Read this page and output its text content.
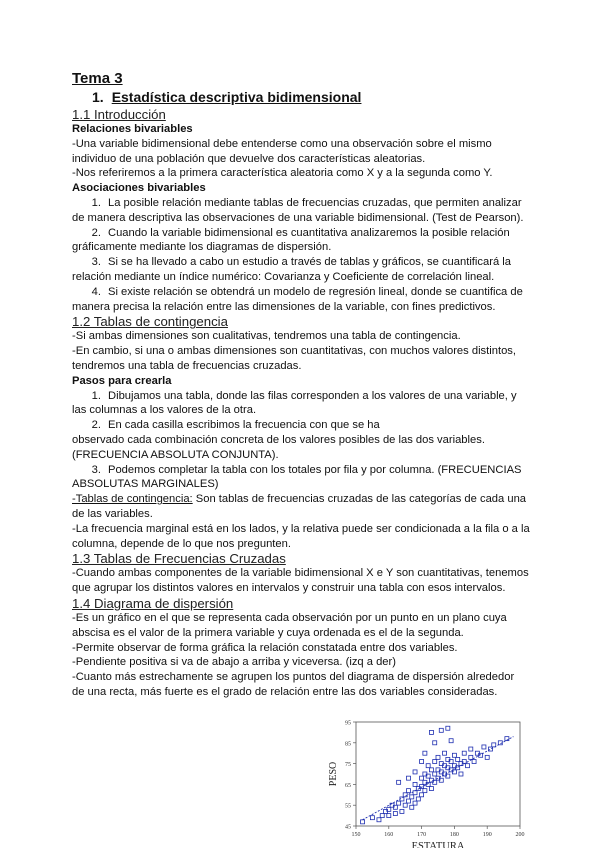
Tema 3
1. Estadística descriptiva bidimensional
1.1 Introducción
Relaciones bivariables
-Una variable bidimensional debe entenderse como una observación sobre el mismo
individuo de una población que devuelve dos características aleatorias.
-Nos referiremos a la primera característica aleatoria como X y a la segunda como Y.
Asociaciones bivariables
1. La posible relación mediante tablas de frecuencias cruzadas, que permiten analizar
de manera descriptiva las observaciones de una variable bidimensional. (Test de Pearson).
2. Cuando la variable bidimensional es cuantitativa analizaremos la posible relación
gráficamente mediante los diagramas de dispersión.
3. Si se ha llevado a cabo un estudio a través de tablas y gráficos, se cuantificará la
relación mediante un índice numérico: Covarianza y Coeficiente de correlación lineal.
4. Si existe relación se obtendrá un modelo de regresión lineal, donde se cuantifica de
manera precisa la relación entre las dimensiones de la variable, con fines predictivos.
1.2 Tablas de contingencia
-Si ambas dimensiones son cualitativas, tendremos una tabla de contingencia.
-En cambio, si una o ambas dimensiones son cuantitativas, con muchos valores distintos,
tendremos una tabla de frecuencias cruzadas.
Pasos para crearla
1. Dibujamos una tabla, donde las filas corresponden a los valores de una variable, y
las columnas a los valores de la otra.
2. En cada casilla escribimos la frecuencia con que se ha
observado cada combinación concreta de los valores posibles de las dos variables.
(FRECUENCIA ABSOLUTA CONJUNTA).
3. Podemos completar la tabla con los totales por fila y por columna. (FRECUENCIAS
ABSOLUTAS MARGINALES)
-Tablas de contingencia: Son tablas de frecuencias cruzadas de las categorías de cada una
de las variables.
-La frecuencia marginal está en los lados, y la relativa puede ser condicionada a la fila o a la
columna, depende de lo que nos pregunten.
1.3 Tablas de Frecuencias Cruzadas
-Cuando ambas componentes de la variable bidimensional X e Y son cuantitativas, tenemos
que agrupar los distintos valores en intervalos y construir una tabla con esos intervalos.
1.4 Diagrama de dispersión
-Es un gráfico en el que se representa cada observación por un punto en un plano cuya
abscisa es el valor de la primera variable y cuya ordenada es el de la segunda.
-Permite observar de forma gráfica la relación constatada entre dos variables.
-Pendiente positiva si va de abajo a arriba y viceversa. (izq a der)
-Cuanto más estrechamente se agrupen los puntos del diagrama de dispersión alrededor
de una recta, más fuerte es el grado de relación entre las dos variables consideradas.
45
55
65
75
85
95
150	160	170	180	190	200
PESO
ESTATURA
